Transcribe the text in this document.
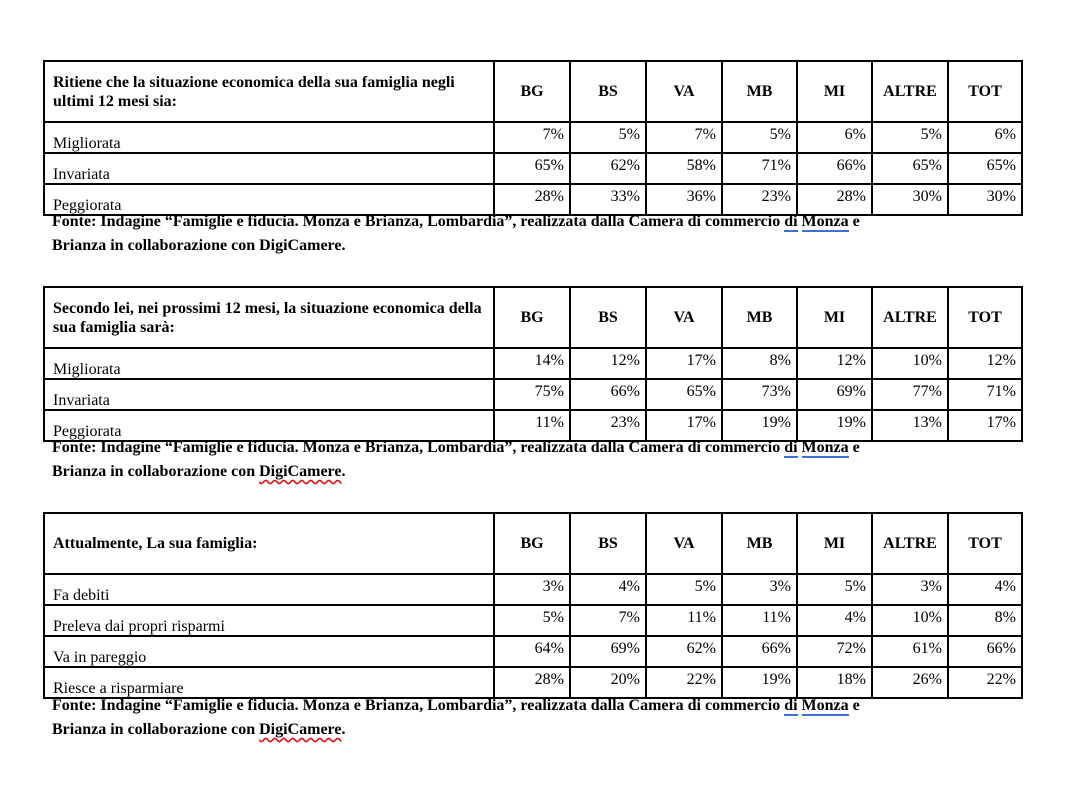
Ritiene che la situazione economica della sua famiglia negli ultimi 12 mesi sia:	BG	BS	VA	MB	MI	ALTRE	TOT
Migliorata	7%	5%	7%	5%	6%	5%	6%
Invariata	65%	62%	58%	71%	66%	65%	65%
Peggiorata	28%	33%	36%	23%	28%	30%	30%
Fonte: Indagine “Famiglie e fiducia. Monza e Brianza, Lombardia”, realizzata dalla Camera di commercio di Monza e
Brianza in collaborazione con DigiCamere.
Secondo lei, nei prossimi 12 mesi, la situazione economica della sua famiglia sarà:	BG	BS	VA	MB	MI	ALTRE	TOT
Migliorata	14%	12%	17%	8%	12%	10%	12%
Invariata	75%	66%	65%	73%	69%	77%	71%
Peggiorata	11%	23%	17%	19%	19%	13%	17%
Fonte: Indagine “Famiglie e fiducia. Monza e Brianza, Lombardia”, realizzata dalla Camera di commercio di Monza e
Brianza in collaborazione con DigiCamere.
Attualmente, La sua famiglia:	BG	BS	VA	MB	MI	ALTRE	TOT
Fa debiti	3%	4%	5%	3%	5%	3%	4%
Preleva dai propri risparmi	5%	7%	11%	11%	4%	10%	8%
Va in pareggio	64%	69%	62%	66%	72%	61%	66%
Riesce a risparmiare	28%	20%	22%	19%	18%	26%	22%
Fonte: Indagine “Famiglie e fiducia. Monza e Brianza, Lombardia”, realizzata dalla Camera di commercio di Monza e
Brianza in collaborazione con DigiCamere.
